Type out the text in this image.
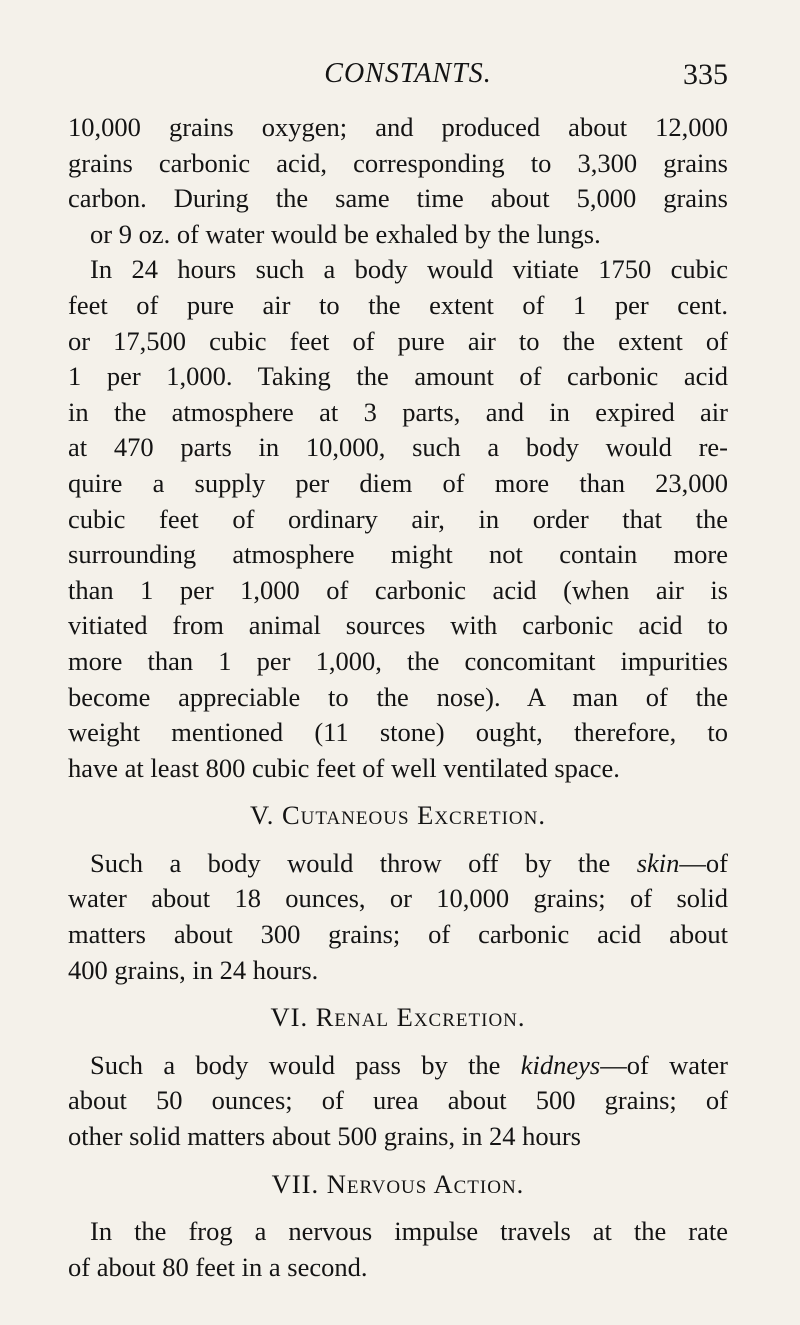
CONSTANTS.	335
10,000 grains oxygen; and produced about 12,000
grains carbonic acid, corresponding to 3,300 grains
carbon. During the same time about 5,000 grains
or 9 oz. of water would be exhaled by the lungs.
In 24 hours such a body would vitiate 1750 cubic
feet of pure air to the extent of 1 per cent.
or 17,500 cubic feet of pure air to the extent of
1 per 1,000. Taking the amount of carbonic acid
in the atmosphere at 3 parts, and in expired air
at 470 parts in 10,000, such a body would re-
quire a supply per diem of more than 23,000
cubic feet of ordinary air, in order that the
surrounding atmosphere might not contain more
than 1 per 1,000 of carbonic acid (when air is
vitiated from animal sources with carbonic acid to
more than 1 per 1,000, the concomitant impurities
become appreciable to the nose). A man of the
weight mentioned (11 stone) ought, therefore, to
have at least 800 cubic feet of well ventilated space.
V. Cutaneous Excretion.
Such a body would throw off by the skin—of
water about 18 ounces, or 10,000 grains; of solid
matters about 300 grains; of carbonic acid about
400 grains, in 24 hours.
VI. Renal Excretion.
Such a body would pass by the kidneys—of water
about 50 ounces; of urea about 500 grains; of
other solid matters about 500 grains, in 24 hours
VII. Nervous Action.
In the frog a nervous impulse travels at the rate
of about 80 feet in a second.
